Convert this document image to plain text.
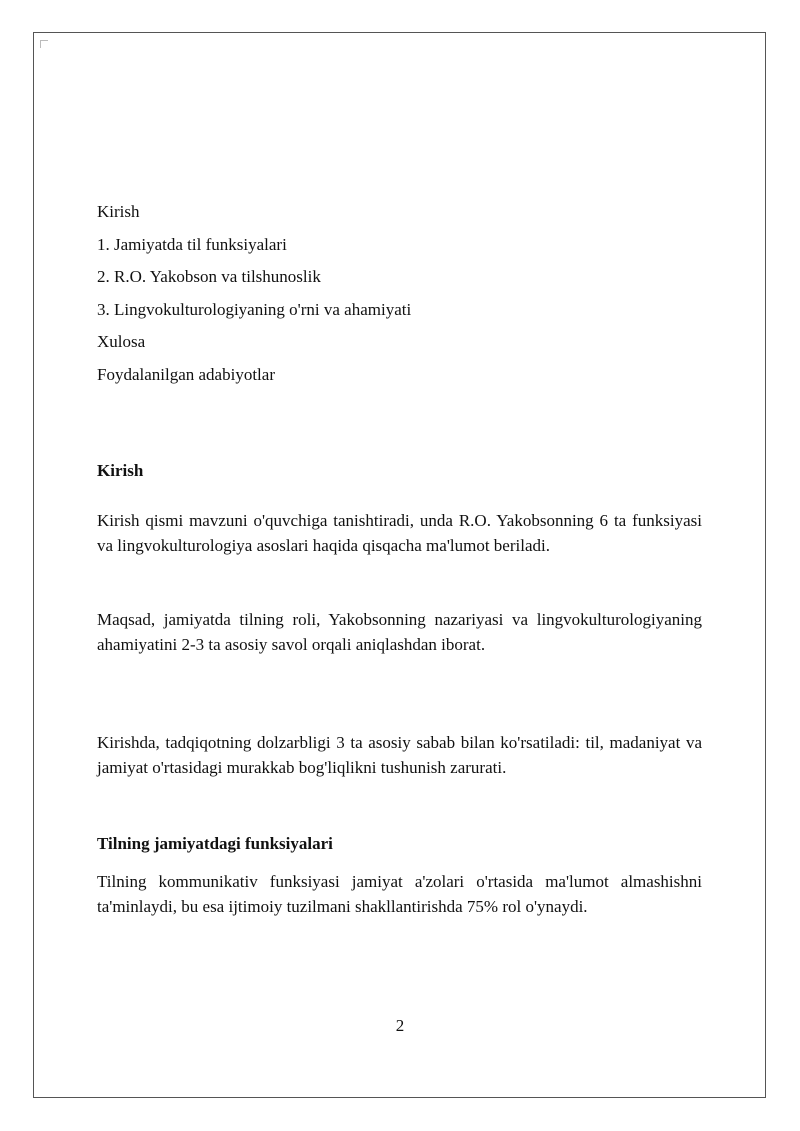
Kirish
1. Jamiyatda til funksiyalari
2. R.O. Yakobson va tilshunoslik
3. Lingvokulturologiyaning o'rni va ahamiyati
Xulosa
Foydalanilgan adabiyotlar
Kirish
Kirish qismi mavzuni o'quvchiga tanishtiradi, unda R.O. Yakobsonning 6 ta funksiyasi va lingvokulturologiya asoslari haqida qisqacha ma'lumot beriladi.
Maqsad, jamiyatda tilning roli, Yakobsonning nazariyasi va lingvokulturologiyaning ahamiyatini 2-3 ta asosiy savol orqali aniqlashdan iborat.
Kirishda, tadqiqotning dolzarbligi 3 ta asosiy sabab bilan ko'rsatiladi: til, madaniyat va jamiyat o'rtasidagi murakkab bog'liqlikni tushunish zarurati.
Tilning jamiyatdagi funksiyalari
Tilning kommunikativ funksiyasi jamiyat a'zolari o'rtasida ma'lumot almashishni ta'minlaydi, bu esa ijtimoiy tuzilmani shakllantirishda 75% rol o'ynaydi.
2
